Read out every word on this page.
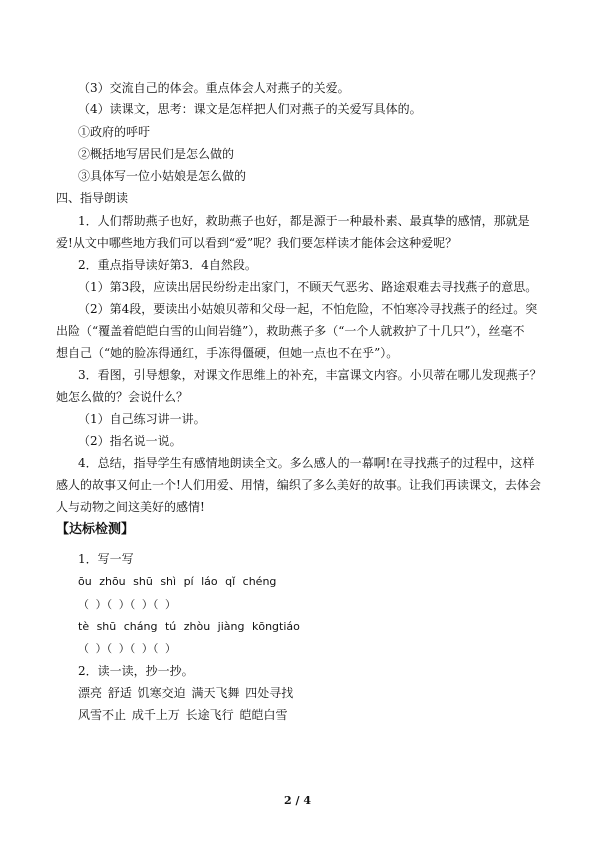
（3）交流自己的体会。重点体会人对燕子的关爱。
（4）读课文，思考：课文是怎样把人们对燕子的关爱写具体的。
①政府的呼吁
②概括地写居民们是怎么做的
③具体写一位小姑娘是怎么做的
四、指导朗读
1．人们帮助燕子也好，救助燕子也好，都是源于一种最朴素、最真挚的感情，那就是
爱!从文中哪些地方我们可以看到“爱”呢？我们要怎样读才能体会这种爱呢？
2．重点指导读好第3．4自然段。
（1）第3段，应读出居民纷纷走出家门，不顾天气恶劣、路途艰难去寻找燕子的意思。
（2）第4段，要读出小姑娘贝蒂和父母一起，不怕危险，不怕寒冷寻找燕子的经过。突
出险（“覆盖着皑皑白雪的山间岩缝”），救助燕子多（“一个人就救护了十几只”），丝毫不
想自己（“她的脸冻得通红，手冻得僵硬，但她一点也不在乎”）。
3．看图，引导想象，对课文作思维上的补充，丰富课文内容。小贝蒂在哪儿发现燕子？
她怎么做的？会说什么？
（1）自己练习讲一讲。
（2）指名说一说。
4．总结，指导学生有感情地朗读全文。多么感人的一幕啊!在寻找燕子的过程中，这样
感人的故事又何止一个!人们用爱、用情，编织了多么美好的故事。让我们再读课文，去体会
人与动物之间这美好的感情!
【达标检测】
1．写一写
ōu zhōu shū shì pí láo qǐ chéng
（ ）（ ）（ ）（ ）
tè shū cháng tú zhòu jiàng kōngtiáo
（ ）（ ）（ ）（ ）
2．读一读，抄一抄。
漂亮 舒适 饥寒交迫 满天飞舞 四处寻找
风雪不止 成千上万 长途飞行 皑皑白雪
2 / 4
